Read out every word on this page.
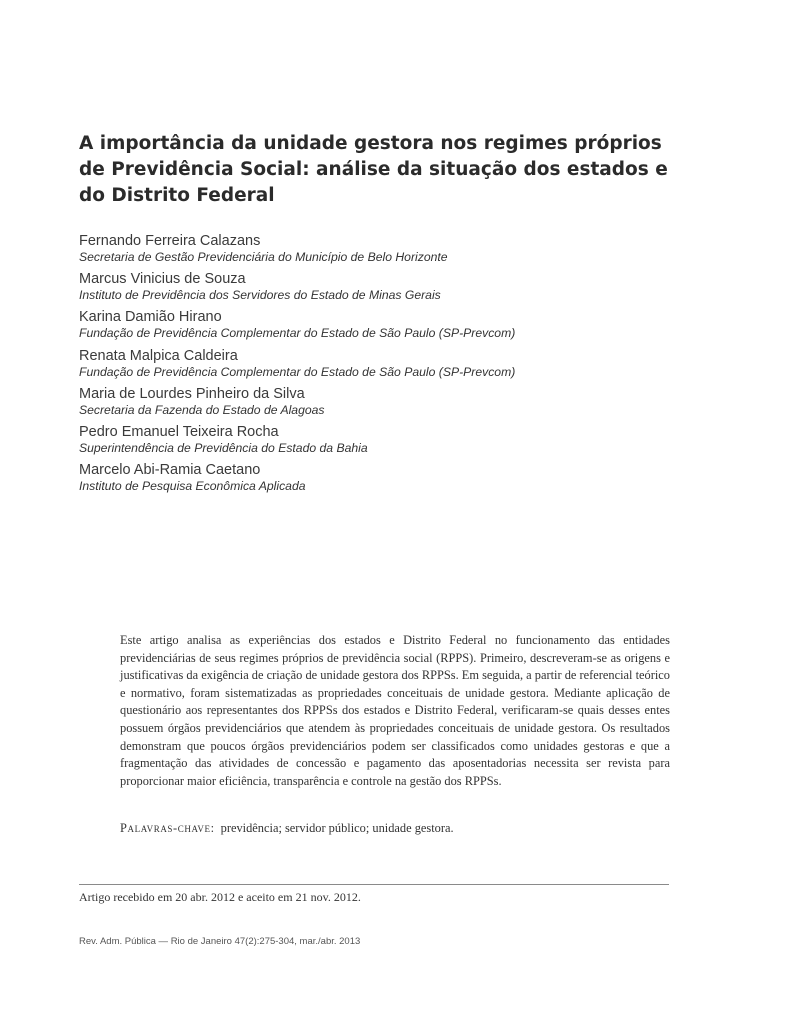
A importância da unidade gestora nos regimes próprios de Previdência Social: análise da situação dos estados e do Distrito Federal
Fernando Ferreira Calazans
Secretaria de Gestão Previdenciária do Município de Belo Horizonte
Marcus Vinicius de Souza
Instituto de Previdência dos Servidores do Estado de Minas Gerais
Karina Damião Hirano
Fundação de Previdência Complementar do Estado de São Paulo (SP-Prevcom)
Renata Malpica Caldeira
Fundação de Previdência Complementar do Estado de São Paulo (SP-Prevcom)
Maria de Lourdes Pinheiro da Silva
Secretaria da Fazenda do Estado de Alagoas
Pedro Emanuel Teixeira Rocha
Superintendência de Previdência do Estado da Bahia
Marcelo Abi-Ramia Caetano
Instituto de Pesquisa Econômica Aplicada

Este artigo analisa as experiências dos estados e Distrito Federal no funcionamento das entidades previdenciárias de seus regimes próprios de previdência social (RPPS). Primeiro, descreveram-se as origens e justificativas da exigência de criação de unidade gestora dos RPPSs. Em seguida, a partir de referencial teórico e normativo, foram sistematizadas as propriedades conceituais de unidade gestora. Mediante aplicação de questionário aos representantes dos RPPSs dos estados e Distrito Federal, verificaram-se quais desses entes possuem órgãos previdenciários que atendem às propriedades conceituais de unidade gestora. Os resultados demonstram que poucos órgãos previdenciários podem ser classificados como unidades gestoras e que a fragmentação das atividades de concessão e pagamento das aposentadorias necessita ser revista para proporcionar maior eficiência, transparência e controle na gestão dos RPPSs.

Palavras-chave: previdência; servidor público; unidade gestora.
Artigo recebido em 20 abr. 2012 e aceito em 21 nov. 2012.
Rev. Adm. Pública — Rio de Janeiro 47(2):275-304, mar./abr. 2013
